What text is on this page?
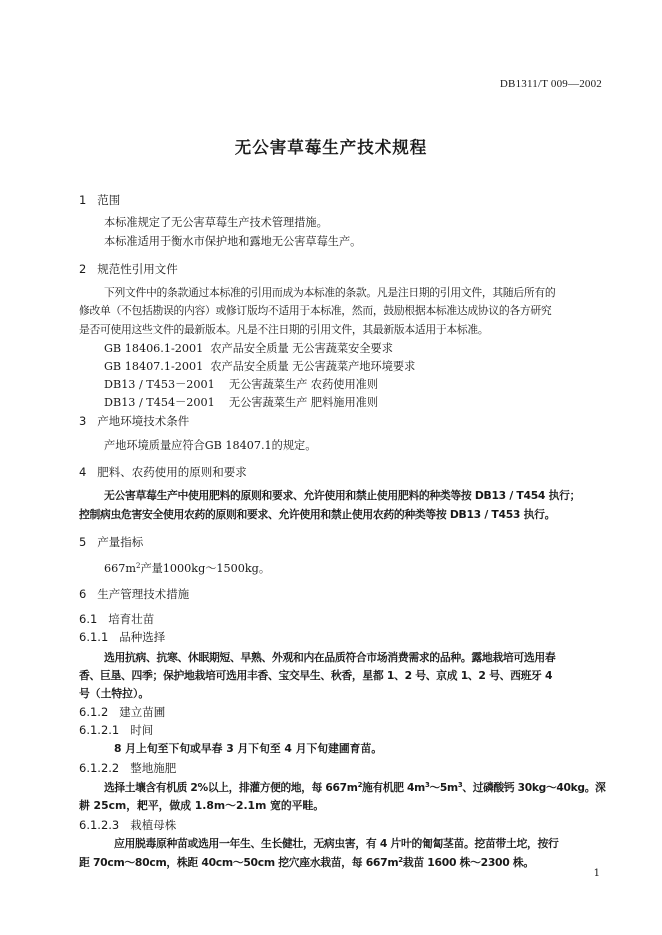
DB1311/T 009—2002
无公害草莓生产技术规程
1 范围
本标准规定了无公害草莓生产技术管理措施。
本标准适用于衡水市保护地和露地无公害草莓生产。
2 规范性引用文件
下列文件中的条款通过本标准的引用而成为本标准的条款。凡是注日期的引用文件，其随后所有的
修改单（不包括勘误的内容）或修订版均不适用于本标准，然而，鼓励根据本标准达成协议的各方研究
是否可使用这些文件的最新版本。凡是不注日期的引用文件，其最新版本适用于本标准。
GB 18406.1-2001 农产品安全质量 无公害蔬菜安全要求
GB 18407.1-2001 农产品安全质量 无公害蔬菜产地环境要求
DB13 / T453－2001 无公害蔬菜生产 农药使用准则
DB13 / T454－2001 无公害蔬菜生产 肥料施用准则
3 产地环境技术条件
产地环境质量应符合GB 18407.1的规定。
4 肥料、农药使用的原则和要求
无公害草莓生产中使用肥料的原则和要求、允许使用和禁止使用肥料的种类等按 DB13 / T454 执行；
控制病虫危害安全使用农药的原则和要求、允许使用和禁止使用农药的种类等按 DB13 / T453 执行。
5 产量指标
$667m^2$产量1000kg～1500kg。
6 生产管理技术措施
6.1 培育壮苗
6.1.1 品种选择
选用抗病、抗寒、休眠期短、早熟、外观和内在品质符合市场消费需求的品种。露地栽培可选用春
香、巨垦、四季；保护地栽培可选用丰香、宝交早生、秋香，星都 1、2 号、京成 1、2 号、西班牙 4
号（土特拉）。
6.1.2 建立苗圃
6.1.2.1 时间
8 月上旬至下旬或早春 3 月下旬至 4 月下旬建圃育苗。
6.1.2.2 整地施肥
选择土壤含有机质 2%以上，排灌方便的地，每 $667m^2$施有机肥 $4m^3\sim 5m^3$、过磷酸钙 30kg～40kg。深
耕 25cm，耙平，做成 1.8m～2.1m 宽的平畦。
6.1.2.3 栽植母株
应用脱毒原种苗或选用一年生、生长健壮，无病虫害，有 4 片叶的匍匐茎苗。挖苗带土坨，按行
距 70cm～80cm，株距 40cm～50cm 挖穴座水栽苗，每 $667m^2$栽苗 1600 株～2300 株。
1
